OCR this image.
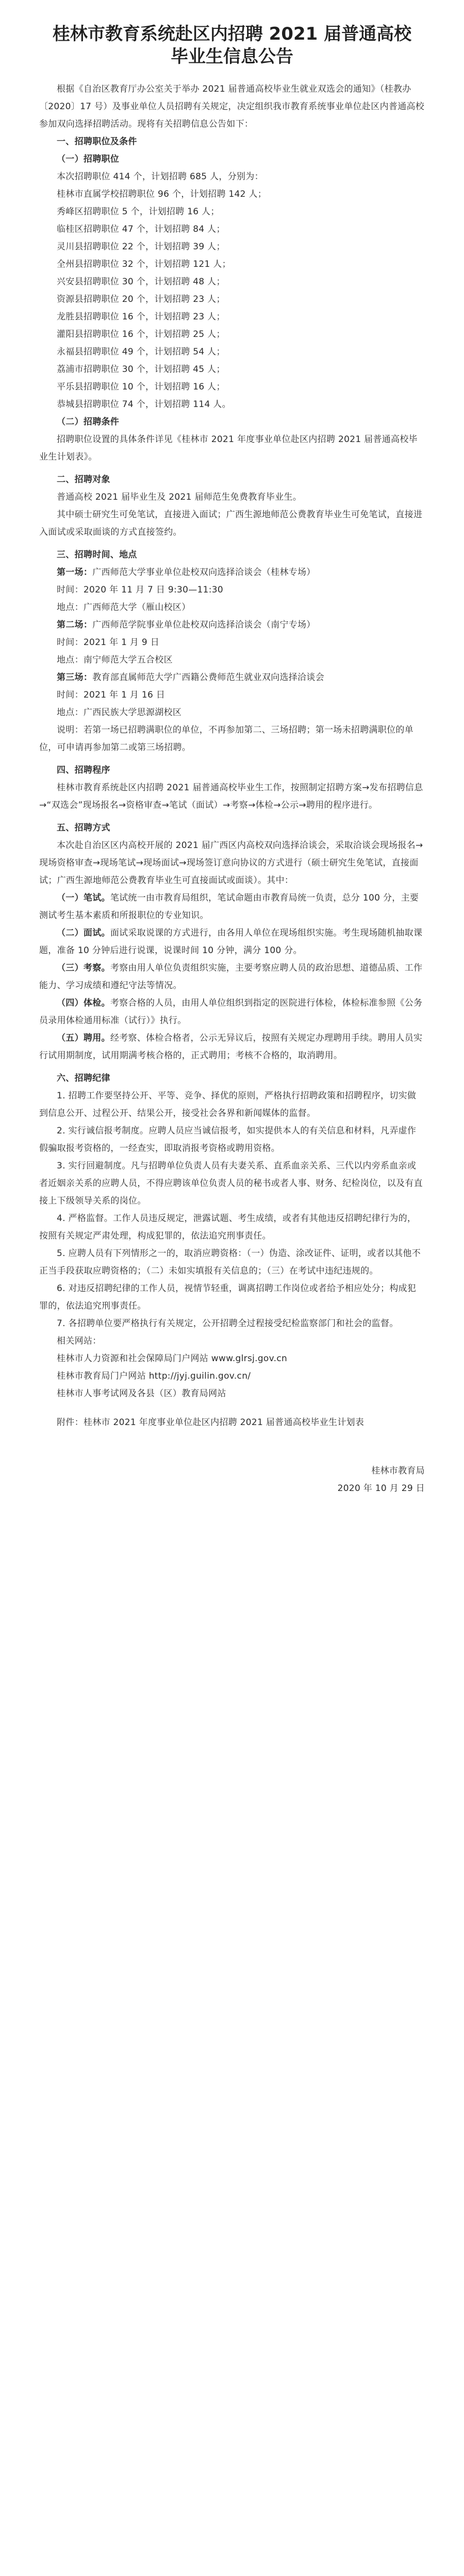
桂林市教育系统赴区内招聘 2021 届普通高校
毕业生信息公告

根据《自治区教育厅办公室关于举办 2021 届普通高校毕业生就业双选会的通知》（桂教办〔2020〕17 号）及事业单位人员招聘有关规定，决定组织我市教育系统事业单位赴区内普通高校参加双向选择招聘活动。现将有关招聘信息公告如下：

一、招聘职位及条件

（一）招聘职位

本次招聘职位 414 个，计划招聘 685 人，分别为：

桂林市直属学校招聘职位 96 个，计划招聘 142 人；

秀峰区招聘职位 5 个，计划招聘 16 人；

临桂区招聘职位 47 个，计划招聘 84 人；

灵川县招聘职位 22 个，计划招聘 39 人；

全州县招聘职位 32 个，计划招聘 121 人；

兴安县招聘职位 30 个，计划招聘 48 人；

资源县招聘职位 20 个，计划招聘 23 人；

龙胜县招聘职位 16 个，计划招聘 23 人；

灌阳县招聘职位 16 个，计划招聘 25 人；

永福县招聘职位 49 个，计划招聘 54 人；

荔浦市招聘职位 30 个，计划招聘 45 人；

平乐县招聘职位 10 个，计划招聘 16 人；

恭城县招聘职位 74 个，计划招聘 114 人。

（二）招聘条件

招聘职位设置的具体条件详见《桂林市 2021 年度事业单位赴区内招聘 2021 届普通高校毕业生计划表》。

二、招聘对象

普通高校 2021 届毕业生及 2021 届师范生免费教育毕业生。

其中硕士研究生可免笔试，直接进入面试；广西生源地师范公费教育毕业生可免笔试，直接进入面试或采取面谈的方式直接签约。

三、招聘时间、地点

第一场：广西师范大学事业单位赴校双向选择洽谈会（桂林专场）

时间：2020 年 11 月 7 日 9:30—11:30

地点：广西师范大学（雁山校区）

第二场：广西师范学院事业单位赴校双向选择洽谈会（南宁专场）

时间：2021 年 1 月 9 日

地点：南宁师范大学五合校区

第三场：教育部直属师范大学广西籍公费师范生就业双向选择洽谈会

时间：2021 年 1 月 16 日

地点：广西民族大学思源湖校区

说明：若第一场已招聘满职位的单位，不再参加第二、三场招聘；第一场未招聘满职位的单位，可申请再参加第二或第三场招聘。

四、招聘程序

桂林市教育系统赴区内招聘 2021 届普通高校毕业生工作，按照制定招聘方案→发布招聘信息→“双选会”现场报名→资格审查→笔试（面试）→考察→体检→公示→聘用的程序进行。

五、招聘方式

本次赴自治区区内高校开展的 2021 届广西区内高校双向选择洽谈会，采取洽谈会现场报名→现场资格审查→现场笔试→现场面试→现场签订意向协议的方式进行（硕士研究生免笔试，直接面试；广西生源地师范公费教育毕业生可直接面试或面谈）。其中：

（一）笔试。笔试统一由市教育局组织，笔试命题由市教育局统一负责，总分 100 分，主要测试考生基本素质和所报职位的专业知识。

（二）面试。面试采取说课的方式进行，由各用人单位在现场组织实施。考生现场随机抽取课题，准备 10 分钟后进行说课，说课时间 10 分钟，满分 100 分。

（三）考察。考察由用人单位负责组织实施，主要考察应聘人员的政治思想、道德品质、工作能力、学习成绩和遵纪守法等情况。

（四）体检。考察合格的人员，由用人单位组织到指定的医院进行体检，体检标准参照《公务员录用体检通用标准（试行）》执行。

（五）聘用。经考察、体检合格者，公示无异议后，按照有关规定办理聘用手续。聘用人员实行试用期制度，试用期满考核合格的，正式聘用；考核不合格的，取消聘用。

六、招聘纪律

1. 招聘工作要坚持公开、平等、竞争、择优的原则，严格执行招聘政策和招聘程序，切实做到信息公开、过程公开、结果公开，接受社会各界和新闻媒体的监督。

2. 实行诚信报考制度。应聘人员应当诚信报考，如实提供本人的有关信息和材料，凡弄虚作假骗取报考资格的，一经查实，即取消报考资格或聘用资格。

3. 实行回避制度。凡与招聘单位负责人员有夫妻关系、直系血亲关系、三代以内旁系血亲或者近姻亲关系的应聘人员，不得应聘该单位负责人员的秘书或者人事、财务、纪检岗位，以及有直接上下级领导关系的岗位。

4. 严格监督。工作人员违反规定，泄露试题、考生成绩，或者有其他违反招聘纪律行为的，按照有关规定严肃处理，构成犯罪的，依法追究刑事责任。

5. 应聘人员有下列情形之一的，取消应聘资格：（一）伪造、涂改证件、证明，或者以其他不正当手段获取应聘资格的；（二）未如实填报有关信息的；（三）在考试中违纪违规的。

6. 对违反招聘纪律的工作人员，视情节轻重，调离招聘工作岗位或者给予相应处分；构成犯罪的，依法追究刑事责任。

7. 各招聘单位要严格执行有关规定，公开招聘全过程接受纪检监察部门和社会的监督。

相关网站：

桂林市人力资源和社会保障局门户网站 www.glrsj.gov.cn

桂林市教育局门户网站 http://jyj.guilin.gov.cn/

桂林市人事考试网及各县（区）教育局网站

附件：桂林市 2021 年度事业单位赴区内招聘 2021 届普通高校毕业生计划表

桂林市教育局

2020 年 10 月 29 日
